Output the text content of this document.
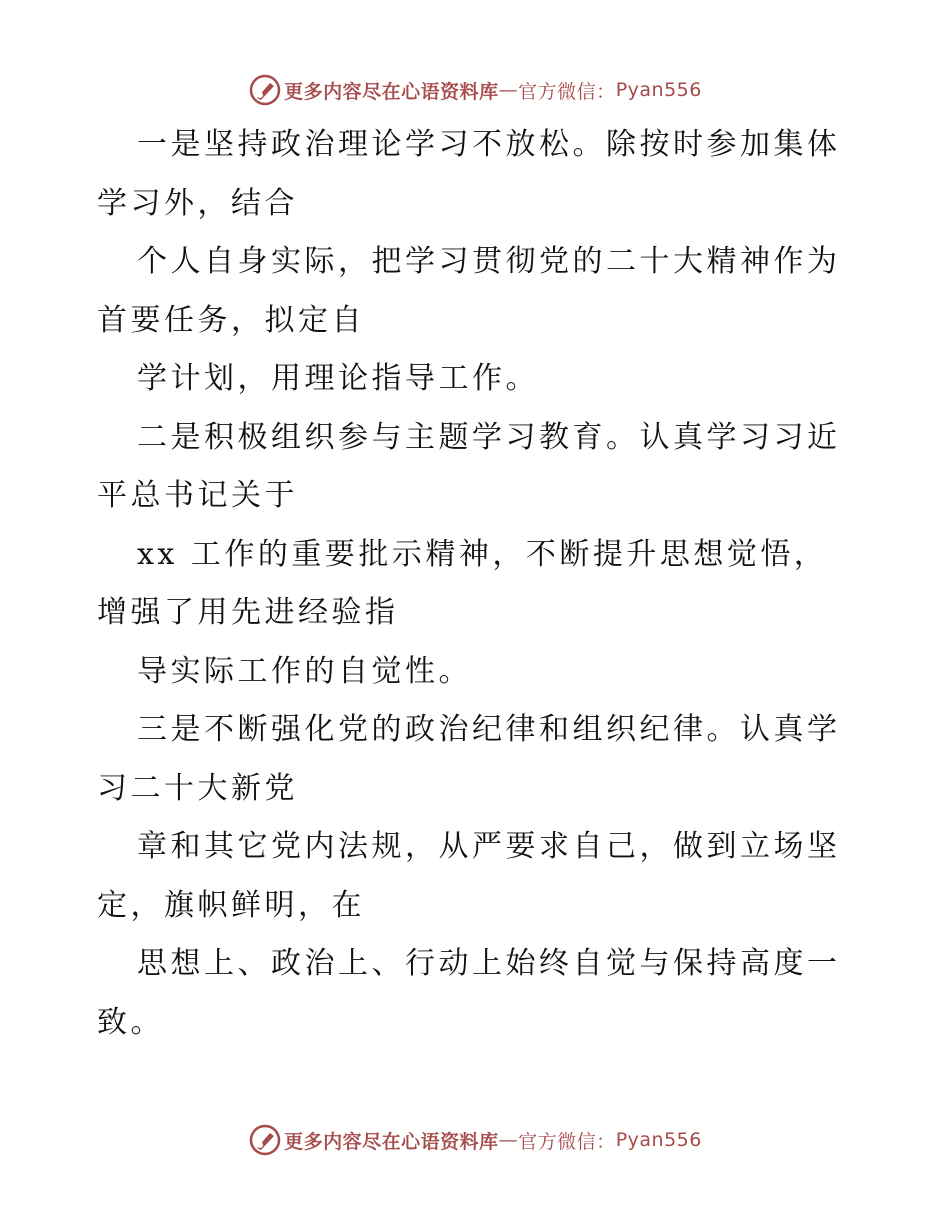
更多内容尽在心语资料库 — 官方微信： Pyan556
一是坚持政治理论学习不放松。除按时参加集体
学习外，结合
个人自身实际，把学习贯彻党的二十大精神作为
首要任务，拟定自
学计划，用理论指导工作。
二是积极组织参与主题学习教育。认真学习习近
平总书记关于
xx 工作的重要批示精神，不断提升思想觉悟，
增强了用先进经验指
导实际工作的自觉性。
三是不断强化党的政治纪律和组织纪律。认真学
习二十大新党
章和其它党内法规，从严要求自己，做到立场坚
定，旗帜鲜明，在
思想上、政治上、行动上始终自觉与保持高度一
致。
更多内容尽在心语资料库 — 官方微信： Pyan556
